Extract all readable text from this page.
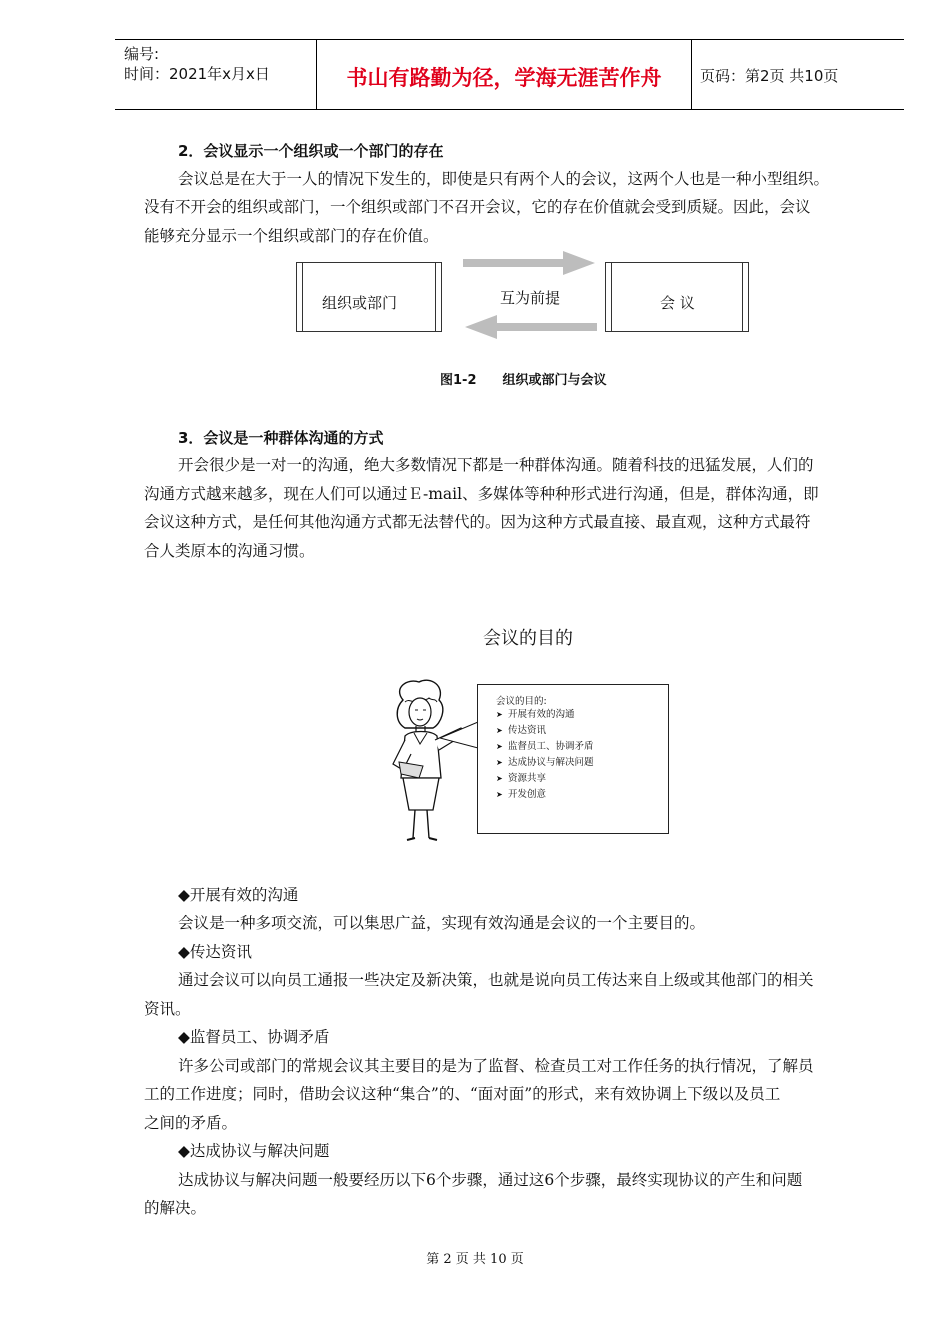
编号:
时间：2021年x月x日	书山有路勤为径，学海无涯苦作舟	页码：第2页 共10页
2．会议显示一个组织或一个部门的存在
会议总是在大于一人的情况下发生的，即使是只有两个人的会议，这两个人也是一种小型组织。
没有不开会的组织或部门，一个组织或部门不召开会议，它的存在价值就会受到质疑。因此，会议
能够充分显示一个组织或部门的存在价值。
组织或部门	会 议
互为前提
图1-2　　组织或部门与会议
3．会议是一种群体沟通的方式
开会很少是一对一的沟通，绝大多数情况下都是一种群体沟通。随着科技的迅猛发展，人们的
沟通方式越来越多，现在人们可以通过Ｅ-mail、多媒体等种种形式进行沟通，但是，群体沟通，即
会议这种方式，是任何其他沟通方式都无法替代的。因为这种方式最直接、最直观，这种方式最符
合人类原本的沟通习惯。
会议的目的
会议的目的:
➤ 开展有效的沟通
➤ 传达资讯
➤ 监督员工、协调矛盾
➤ 达成协议与解决问题
➤ 资源共享
➤ 开发创意
◆开展有效的沟通
会议是一种多项交流，可以集思广益，实现有效沟通是会议的一个主要目的。
◆传达资讯
通过会议可以向员工通报一些决定及新决策，也就是说向员工传达来自上级或其他部门的相关
资讯。
◆监督员工、协调矛盾
许多公司或部门的常规会议其主要目的是为了监督、检查员工对工作任务的执行情况，了解员
工的工作进度；同时，借助会议这种“集合”的、“面对面”的形式，来有效协调上下级以及员工
之间的矛盾。
◆达成协议与解决问题
达成协议与解决问题一般要经历以下6个步骤，通过这6个步骤，最终实现协议的产生和问题
的解决。
第 2 页 共 10 页
